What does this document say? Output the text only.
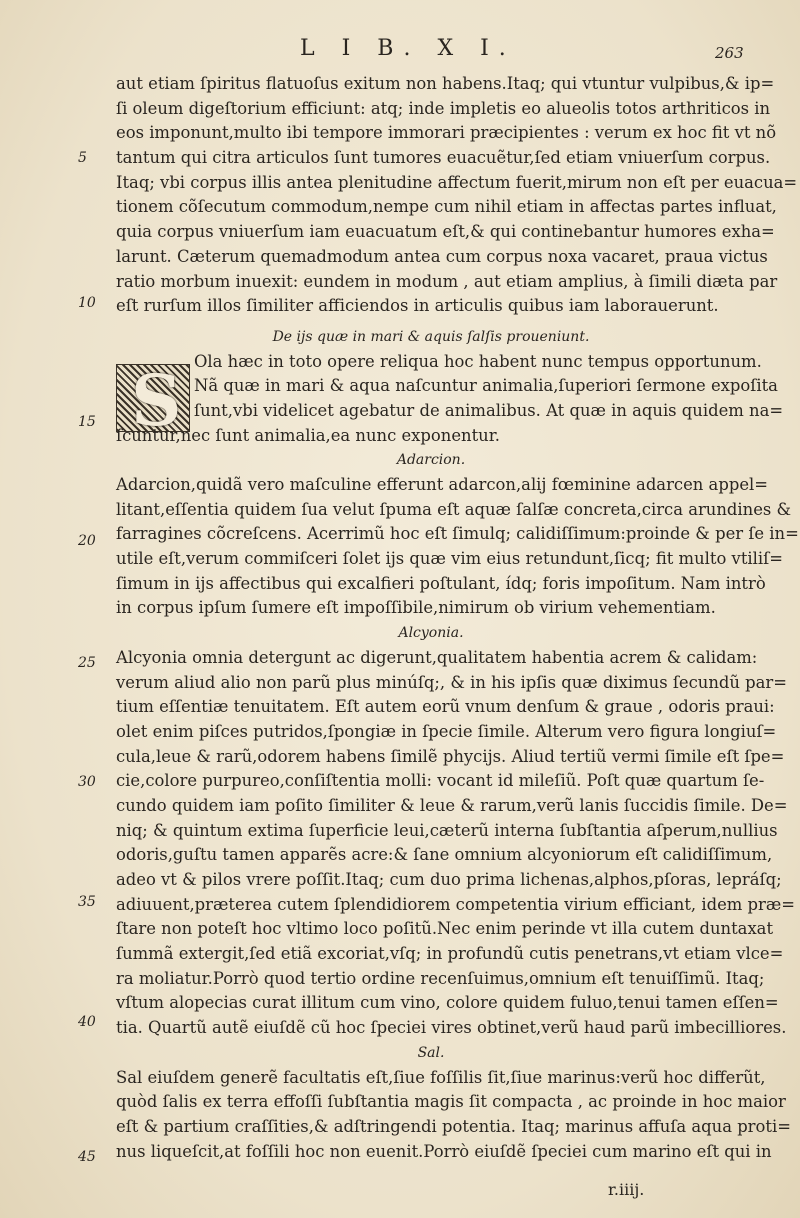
L I B. X I.	263
5
10
15
20
25
30
35
40
45
S
aut etiam ſpiritus flatuoſus exitum non habens.Itaq; qui vtuntur vulpibus,& ip=
ſi oleum digeſtorium efficiunt: atq; inde impletis eo alueolis totos arthriticos in
eos imponunt,multo ibi tempore immorari præcipientes : verum ex hoc fit vt nõ
tantum qui citra articulos ſunt tumores euacuẽtur,ſed etiam vniuerſum corpus.
Itaq; vbi corpus illis antea plenitudine affectum fuerit,mirum non eſt per euacua=
tionem cõſecutum commodum,nempe cum nihil etiam in affectas partes influat,
quia corpus vniuerſum iam euacuatum eſt,& qui continebantur humores exha=
larunt. Cæterum quemadmodum antea cum corpus noxa vacaret, praua victus
ratio morbum inuexit: eundem in modum , aut etiam amplius, à ſimili diæta par
eſt rurſum illos ſimiliter afficiendos in articulis quibus iam laborauerunt.
De ijs quæ in mari & aquis ſalſis proueniunt.
Ola hæc in toto opere reliqua hoc habent nunc tempus opportunum.
Nã quæ in mari & aqua naſcuntur animalia,ſuperiori ſermone expoſita
ſunt,vbi videlicet agebatur de animalibus. At quæ in aquis quidem na=
ſcuntur,nec ſunt animalia,ea nunc exponentur.
Adarcion.
Adarcion,quidã vero maſculine efferunt adarcon,alij fœminine adarcen appel=
litant,eſſentia quidem ſua velut ſpuma eſt aquæ ſalſæ concreta,circa arundines &
farragines cõcreſcens. Acerrimũ hoc eſt ſimulq; calidiſſimum:proinde & per ſe in=
utile eſt,verum commiſceri ſolet ijs quæ vim eius retundunt,ſicq; fit multo vtiliſ=
ſimum in ijs affectibus qui excalfieri poſtulant, ídq; foris impoſitum. Nam intrò
in corpus ipſum ſumere eſt impoſſibile,nimirum ob virium vehementiam.
Alcyonia.
Alcyonia omnia detergunt ac digerunt,qualitatem habentia acrem & calidam:
verum aliud alio non parũ plus minúſq;, & in his ipſis quæ diximus ſecundũ par=
tium eſſentiæ tenuitatem. Eſt autem eorũ vnum denſum & graue , odoris praui:
olet enim piſces putridos,ſpongiæ in ſpecie ſimile. Alterum vero figura longiuſ=
cula,leue & rarũ,odorem habens ſimilẽ phycijs. Aliud tertiũ vermi ſimile eſt ſpe=
cie,colore purpureo,conſiſtentia molli: vocant id mileſiũ. Poſt quæ quartum ſe-
cundo quidem iam poſito ſimiliter & leue & rarum,verũ lanis ſuccidis ſimile. De=
niq; & quintum extima ſuperficie leui,cæterũ interna ſubſtantia aſperum,nullius
odoris,guſtu tamen apparẽs acre:& ſane omnium alcyoniorum eſt calidiſſimum,
adeo vt & pilos vrere poſſit.Itaq; cum duo prima lichenas,alphos,pſoras, lepráſq;
adiuuent,præterea cutem ſplendidiorem competentia virium efficiant, idem præ=
ſtare non poteſt hoc vltimo loco poſitũ.Nec enim perinde vt illa cutem duntaxat
ſummã extergit,ſed etiã excoriat,vſq; in profundũ cutis penetrans,vt etiam vlce=
ra moliatur.Porrò quod tertio ordine recenſuimus,omnium eſt tenuiſſimũ. Itaq;
vſtum alopecias curat illitum cum vino, colore quidem fuluo,tenui tamen eſſen=
tia. Quartũ autẽ eiuſdẽ cũ hoc ſpeciei vires obtinet,verũ haud parũ imbecilliores.
Sal.
Sal eiuſdem generẽ facultatis eſt,ſiue foſſilis ſit,ſiue marinus:verũ hoc differũt,
quòd ſalis ex terra effoſſi ſubſtantia magis ſit compacta , ac proinde in hoc maior
eſt & partium craſſities,& adſtringendi potentia. Itaq; marinus affuſa aqua proti=
nus liqueſcit,at foſſili hoc non euenit.Porrò eiuſdẽ ſpeciei cum marino eſt qui in
r.iiij.
